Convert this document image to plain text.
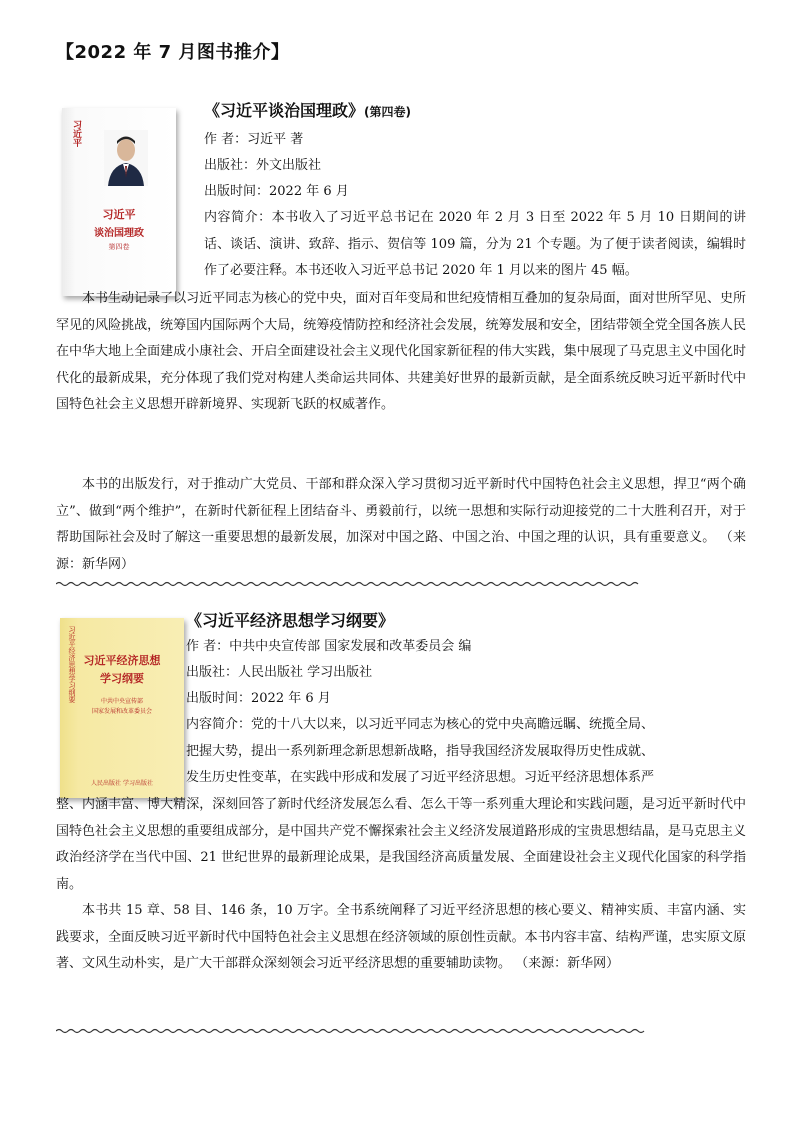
【2022 年 7 月图书推介】
习近平
习近平
谈治国理政
第四卷
《习近平谈治国理政》(第四卷)
作 者：习近平 著
出版社：外文出版社
出版时间：2022 年 6 月

内容简介：本书收入了习近平总书记在 2020 年 2 月 3 日至 2022 年 5 月 10 日期间的讲话、谈话、演讲、致辞、指示、贺信等 109 篇，分为 21 个专题。为了便于读者阅读，编辑时作了必要注释。本书还收入习近平总书记 2020 年 1 月以来的图片 45 幅。

本书生动记录了以习近平同志为核心的党中央，面对百年变局和世纪疫情相互叠加的复杂局面，面对世所罕见、史所罕见的风险挑战，统筹国内国际两个大局，统筹疫情防控和经济社会发展，统筹发展和安全，团结带领全党全国各族人民在中华大地上全面建成小康社会、开启全面建设社会主义现代化国家新征程的伟大实践，集中展现了马克思主义中国化时代化的最新成果，充分体现了我们党对构建人类命运共同体、共建美好世界的最新贡献，是全面系统反映习近平新时代中国特色社会主义思想开辟新境界、实现新飞跃的权威著作。

本书的出版发行，对于推动广大党员、干部和群众深入学习贯彻习近平新时代中国特色社会主义思想，捍卫“两个确立”、做到“两个维护”，在新时代新征程上团结奋斗、勇毅前行，以统一思想和实际行动迎接党的二十大胜利召开，对于帮助国际社会及时了解这一重要思想的最新发展，加深对中国之路、中国之治、中国之理的认识，具有重要意义。 （来源：新华网）

习近平经济思想学习纲要 习近平经济思想
学习纲要
中共中央宣传部
国家发展和改革委员会
人民出版社 学习出版社
《习近平经济思想学习纲要》
作 者：中共中央宣传部 国家发展和改革委员会 编
出版社：人民出版社 学习出版社
出版时间：2022 年 6 月
内容简介：党的十八大以来，以习近平同志为核心的党中央高瞻远瞩、统揽全局、
把握大势，提出一系列新理念新思想新战略，指导我国经济发展取得历史性成就、
发生历史性变革，在实践中形成和发展了习近平经济思想。习近平经济思想体系严

整、内涵丰富、博大精深，深刻回答了新时代经济发展怎么看、怎么干等一系列重大理论和实践问题，是习近平新时代中国特色社会主义思想的重要组成部分，是中国共产党不懈探索社会主义经济发展道路形成的宝贵思想结晶，是马克思主义政治经济学在当代中国、21 世纪世界的最新理论成果，是我国经济高质量发展、全面建设社会主义现代化国家的科学指南。

本书共 15 章、58 目、146 条，10 万字。全书系统阐释了习近平经济思想的核心要义、精神实质、丰富内涵、实践要求，全面反映习近平新时代中国特色社会主义思想在经济领域的原创性贡献。本书内容丰富、结构严谨，忠实原文原著、文风生动朴实，是广大干部群众深刻领会习近平经济思想的重要辅助读物。 （来源：新华网）
